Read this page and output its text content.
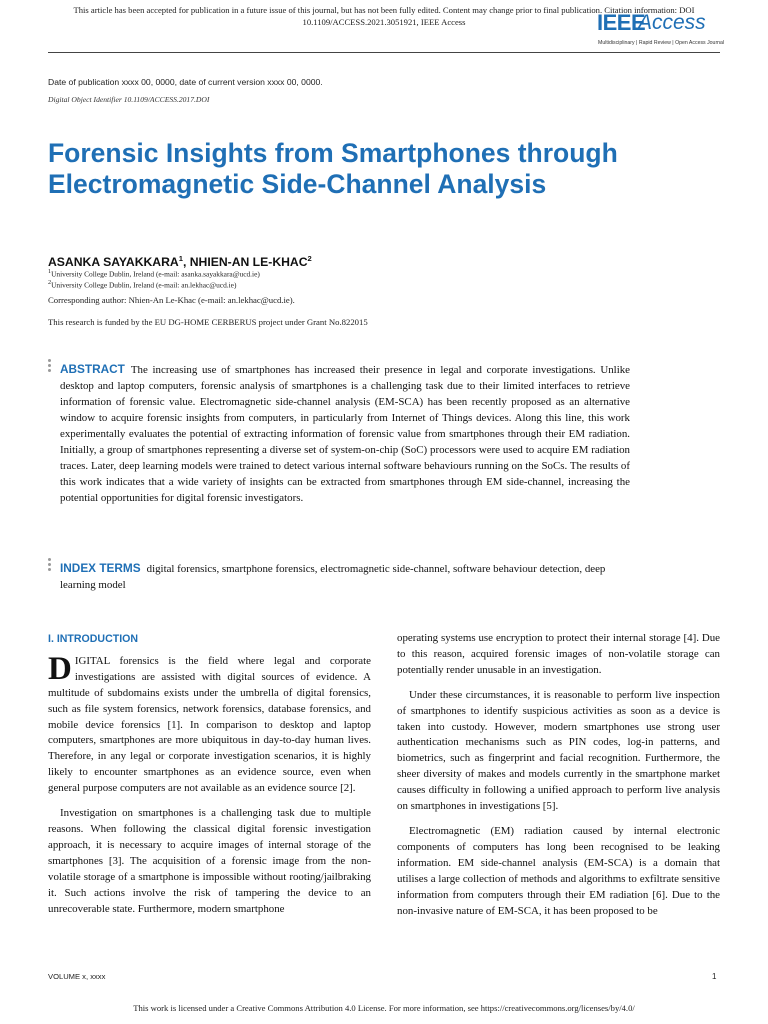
This article has been accepted for publication in a future issue of this journal, but has not been fully edited. Content may change prior to final publication. Citation information: DOI
10.1109/ACCESS.2021.3051921, IEEE Access	IEEE
Access
Multidisciplinary | Rapid Review | Open Access Journal
Date of publication xxxx 00, 0000, date of current version xxxx 00, 0000.
Digital Object Identifier 10.1109/ACCESS.2017.DOI
Forensic Insights from Smartphones through Electromagnetic Side-Channel Analysis
ASANKA SAYAKKARA$^1$, NHIEN-AN LE-KHAC$^2$
$^1$University College Dublin, Ireland (e-mail: asanka.sayakkara@ucd.ie)
$^2$University College Dublin, Ireland (e-mail: an.lekhac@ucd.ie)
Corresponding author: Nhien-An Le-Khac (e-mail: an.lekhac@ucd.ie).
This research is funded by the EU DG-HOME CERBERUS project under Grant No.822015
ABSTRACT The increasing use of smartphones has increased their presence in legal and corporate investigations. Unlike desktop and laptop computers, forensic analysis of smartphones is a challenging task due to their limited interfaces to retrieve information of forensic value. Electromagnetic side-channel analysis (EM-SCA) has been recently proposed as an alternative window to acquire forensic insights from computers, in particularly from Internet of Things devices. Along this line, this work experimentally evaluates the potential of extracting information of forensic value from smartphones through their EM radiation. Initially, a group of smartphones representing a diverse set of system-on-chip (SoC) processors were used to acquire EM radiation traces. Later, deep learning models were trained to detect various internal software behaviours running on the SoCs. The results of this work indicates that a wide variety of insights can be extracted from smartphones through EM side-channel, increasing the potential opportunities for digital forensic investigators.
INDEX TERMS digital forensics, smartphone forensics, electromagnetic side-channel, software behaviour detection, deep learning model
I. INTRODUCTION

DIGITAL forensics is the field where legal and corporate investigations are assisted with digital sources of evidence. A multitude of subdomains exists under the umbrella of digital forensics, such as file system forensics, network forensics, database forensics, and mobile device forensics [1]. In comparison to desktop and laptop computers, smartphones are more ubiquitous in day-to-day human lives. Therefore, in any legal or corporate investigation scenarios, it is highly likely to encounter smartphones as an evidence source, even when general purpose computers are not available as an evidence source [2].

Investigation on smartphones is a challenging task due to multiple reasons. When following the classical digital forensic investigation approach, it is necessary to acquire images of internal storage of the smartphones [3]. The acquisition of a forensic image from the non-volatile storage of a smartphone is impossible without rooting/jailbraking it. Such actions involve the risk of tampering the device to an unrecoverable state. Furthermore, modern smartphone

operating systems use encryption to protect their internal storage [4]. Due to this reason, acquired forensic images of non-volatile storage can potentially render unusable in an investigation.

Under these circumstances, it is reasonable to perform live inspection of smartphones to identify suspicious activities as soon as a device is taken into custody. However, modern smartphones use strong user authentication mechanisms such as PIN codes, log-in patterns, and biometrics, such as fingerprint and facial recognition. Furthermore, the sheer diversity of makes and models currently in the smartphone market causes difficulty in following a unified approach to perform live analysis on smartphones in investigations [5].

Electromagnetic (EM) radiation caused by internal electronic components of computers has long been recognised to be leaking information. EM side-channel analysis (EM-SCA) is a domain that utilises a large collection of methods and algorithms to exfiltrate sensitive information from computers through their EM radiation [6]. Due to the non-invasive nature of EM-SCA, it has been proposed to be

VOLUME x, xxxx	1
This work is licensed under a Creative Commons Attribution 4.0 License. For more information, see https://creativecommons.org/licenses/by/4.0/
